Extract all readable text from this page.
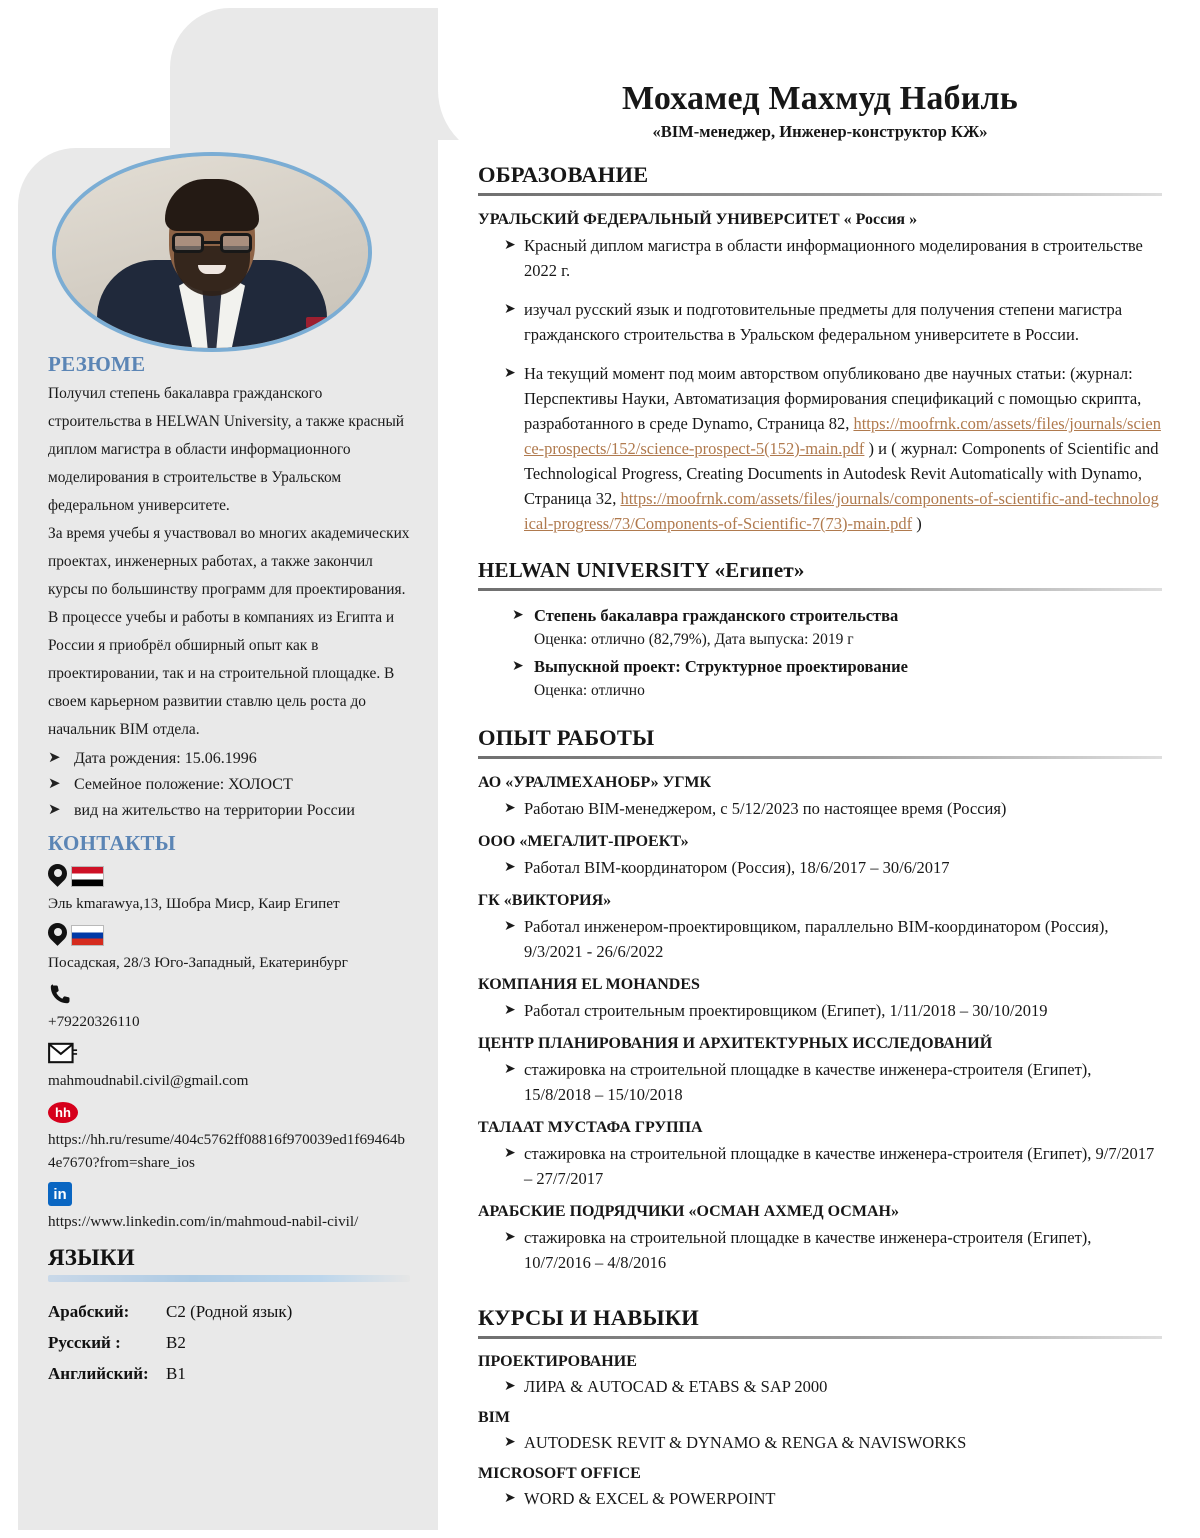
РЕЗЮМЕ
Получил степень бакалавра гражданского строительства в HELWAN University, а также красный диплом магистра в области информационного моделирования в строительстве в Уральском федеральном университете.
За время учебы я участвовал во многих академических проектах, инженерных работах, а также закончил курсы по большинству программ для проектирования. В процессе учебы и работы в компаниях из Египта и России я приобрёл обширный опыт как в проектировании, так и на строительной площадке. В своем карьерном развитии ставлю цель роста до начальник BIM отдела.
➤ Дата рождения: 15.06.1996
➤ Семейное положение: ХОЛОСТ
➤ вид на жительство на территории России
КОНТАКТЫ
Эль kmarawya,13, Шобра Миср, Каир Египет
Посадская, 28/3 Юго-Западный, Екатеринбург
+79220326110
mahmoudnabil.civil@gmail.com
hh
https://hh.ru/resume/404c5762ff08816f970039ed1f69464b4e7670?from=share_ios
in
https://www.linkedin.com/in/mahmoud-nabil-civil/
ЯЗЫКИ
Арабский:	C2 (Родной язык)
Русский :	B2
Английский:	B1
Мохамед Махмуд Набиль
«BIM-менеджер, Инженер-конструктор КЖ»
ОБРАЗОВАНИЕ
УРАЛЬСКИЙ ФЕДЕРАЛЬНЫЙ УНИВЕРСИТЕТ « Россия »
➤ Красный диплом магистра в области информационного моделирования в строительстве 2022 г.
➤ изучал русский язык и подготовительные предметы для получения степени магистра гражданского строительства в Уральском федеральном университете в России.
➤ На текущий момент под моим авторством опубликовано две научных статьи: (журнал: Перспективы Науки, Автоматизация формирования спецификаций с помощью скрипта, разработанного в среде Dynamo, Страница 82, https://moofrnk.com/assets/files/journals/science-prospects/152/science-prospect-5(152)-main.pdf ) и ( журнал: Components of Scientific and Technological Progress, Creating Documents in Autodesk Revit Automatically with Dynamo, Страница 32, https://moofrnk.com/assets/files/journals/components-of-scientific-and-technological-progress/73/Components-of-Scientific-7(73)-main.pdf )
HELWAN UNIVERSITY «Египет»
➤ Степень бакалавра гражданского строительства
Оценка: отлично (82,79%), Дата выпуска: 2019 г
➤ Выпускной проект: Структурное проектирование
Оценка: отлично
ОПЫТ РАБОТЫ
АО «УРАЛМЕХАНОБР» УГМК
➤ Работаю BIM-менеджером, с 5/12/2023 по настоящее время (Россия)
ООО «МЕГАЛИТ-ПРОЕКТ»
➤ Работал BIM-координатором (Россия), 18/6/2017 – 30/6/2017
ГК «ВИКТОРИЯ»
➤ Работал инженером-проектировщиком, параллельно BIM-координатором (Россия), 9/3/2021 - 26/6/2022
КОМПАНИЯ EL MOHANDES
➤ Работал строительным проектировщиком (Египет), 1/11/2018 – 30/10/2019
ЦЕНТР ПЛАНИРОВАНИЯ И АРХИТЕКТУРНЫХ ИССЛЕДОВАНИЙ
➤ стажировка на строительной площадке в качестве инженера-строителя (Египет), 15/8/2018 – 15/10/2018
ТАЛААТ МУСТАФА ГРУППА
➤ стажировка на строительной площадке в качестве инженера-строителя (Египет), 9/7/2017 – 27/7/2017
АРАБСКИЕ ПОДРЯДЧИКИ «ОСМАН АХМЕД ОСМАН»
➤ стажировка на строительной площадке в качестве инженера-строителя (Египет), 10/7/2016 – 4/8/2016
КУРСЫ И НАВЫКИ
ПРОЕКТИРОВАНИЕ
➤ ЛИРА & AUTOCAD & ETABS & SAP 2000
BIM
➤ AUTODESK REVIT & DYNAMO & RENGA & NAVISWORKS
MICROSOFT OFFICE
➤ WORD & EXCEL & POWERPOINT
